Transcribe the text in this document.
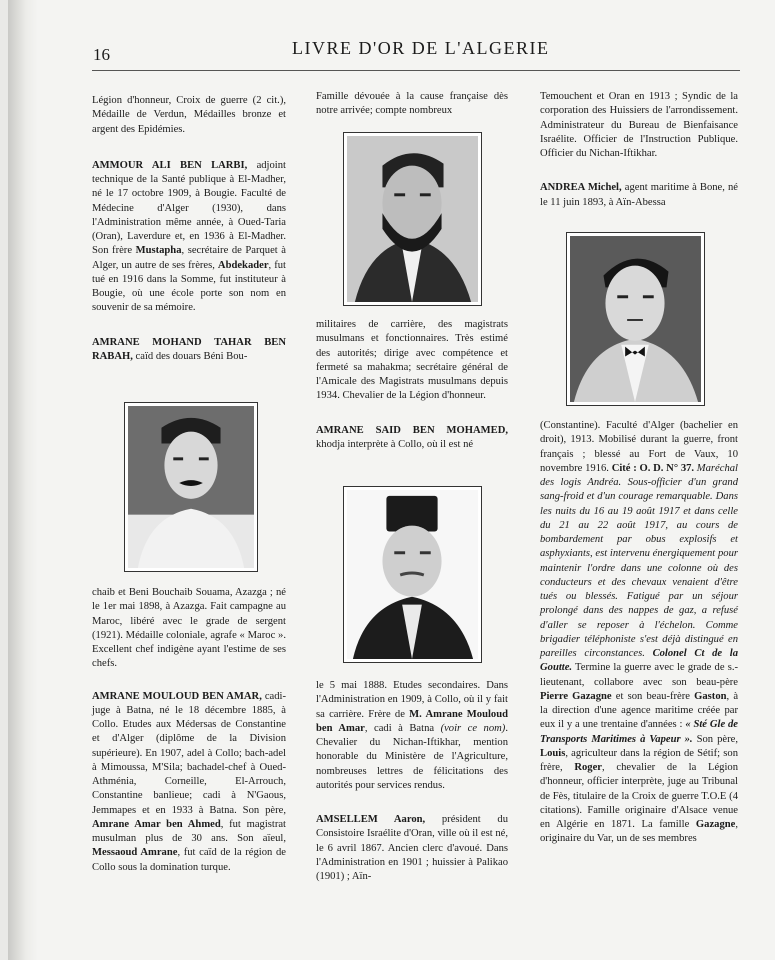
16	LIVRE D'OR DE L'ALGERIE

Légion d'honneur, Croix de guerre (2 cit.), Médaille de Verdun, Médailles bronze et argent des Epidémies.

AMMOUR ALI BEN LARBI, adjoint technique de la Santé publique à El-Madher, né le 17 octobre 1909, à Bougie. Faculté de Médecine d'Alger (1930), dans l'Administration même année, à Oued-Taria (Oran), Laverdure et, en 1936 à El-Madher. Son frère Mustapha, secrétaire de Parquet à Alger, un autre de ses frères, Abdekader, fut tué en 1916 dans la Somme, fut instituteur à Bougie, où une école porte son nom en souvenir de sa mémoire.

AMRANE MOHAND TAHAR BEN RABAH, caïd des douars Béni Bou-

chaib et Beni Bouchaib Souama, Azazga ; né le 1er mai 1898, à Azazga. Fait campagne au Maroc, libéré avec le grade de sergent (1921). Médaille coloniale, agrafe « Maroc ». Excellent chef indigène ayant l'estime de ses chefs.

AMRANE MOULOUD BEN AMAR, cadi-juge à Batna, né le 18 décembre 1885, à Collo. Etudes aux Médersas de Constantine et d'Alger (diplôme de la Division supérieure). En 1907, adel à Collo; bach-adel à Mimoussa, M'Sila; bachadel-chef à Oued-Athménia, Corneille, El-Arrouch, Constantine banlieue; cadi à N'Gaous, Jemmapes et en 1933 à Batna. Son père, Amrane Amar ben Ahmed, fut magistrat musulman plus de 30 ans. Son aïeul, Messaoud Amrane, fut caïd de la région de Collo sous la domination turque.

Famille dévouée à la cause française dès notre arrivée; compte nombreux

militaires de carrière, des magistrats musulmans et fonctionnaires. Très estimé des autorités; dirige avec compétence et fermeté sa mahakma; secrétaire général de l'Amicale des Magistrats musulmans depuis 1934. Chevalier de la Légion d'honneur.

AMRANE SAID BEN MOHAMED, khodja interprète à Collo, où il est né

le 5 mai 1888. Etudes secondaires. Dans l'Administration en 1909, à Collo, où il y fait sa carrière. Frère de M. Amrane Mouloud ben Amar, cadi à Batna (voir ce nom). Chevalier du Nichan-Iftikhar, mention honorable du Ministère de l'Agriculture, nombreuses lettres de félicitations des autorités pour services rendus.

AMSELLEM Aaron, président du Consistoire Israélite d'Oran, ville où il est né, le 6 avril 1867. Ancien clerc d'avoué. Dans l'Administration en 1901 ; huissier à Palikao (1901) ; Aïn-

Temouchent et Oran en 1913 ; Syndic de la corporation des Huissiers de l'arrondissement. Administrateur du Bureau de Bienfaisance Israélite. Officier de l'Instruction Publique. Officier du Nichan-Iftikhar.

ANDREA Michel, agent maritime à Bone, né le 11 juin 1893, à Aïn-Abessa

(Constantine). Faculté d'Alger (bachelier en droit), 1913. Mobilisé durant la guerre, front français ; blessé au Fort de Vaux, 10 novembre 1916. Cité : O. D. N° 37. Maréchal des logis Andréa. Sous-officier d'un grand sang-froid et d'un courage remarquable. Dans les nuits du 16 au 19 août 1917 et dans celle du 21 au 22 août 1917, au cours de bombardement par obus explosifs et asphyxiants, est intervenu énergiquement pour maintenir l'ordre dans une colonne où des conducteurs et des chevaux venaient d'être tués ou blessés. Fatigué par un séjour prolongé dans des nappes de gaz, a refusé d'aller se reposer à l'échelon. Comme brigadier téléphoniste s'est déjà distingué en pareilles circonstances. Colonel Ct de la Goutte. Termine la guerre avec le grade de s.-lieutenant, collabore avec son beau-père Pierre Gazagne et son beau-frère Gaston, à la direction d'une agence maritime créée par eux il y a une trentaine d'années : « Sté Gle de Transports Maritimes à Vapeur ». Son père, Louis, agriculteur dans la région de Sétif; son frère, Roger, chevalier de la Légion d'honneur, officier interprète, juge au Tribunal de Fès, titulaire de la Croix de guerre T.O.E (4 citations). Famille originaire d'Alsace venue en Algérie en 1871. La famille Gazagne, originaire du Var, un de ses membres
